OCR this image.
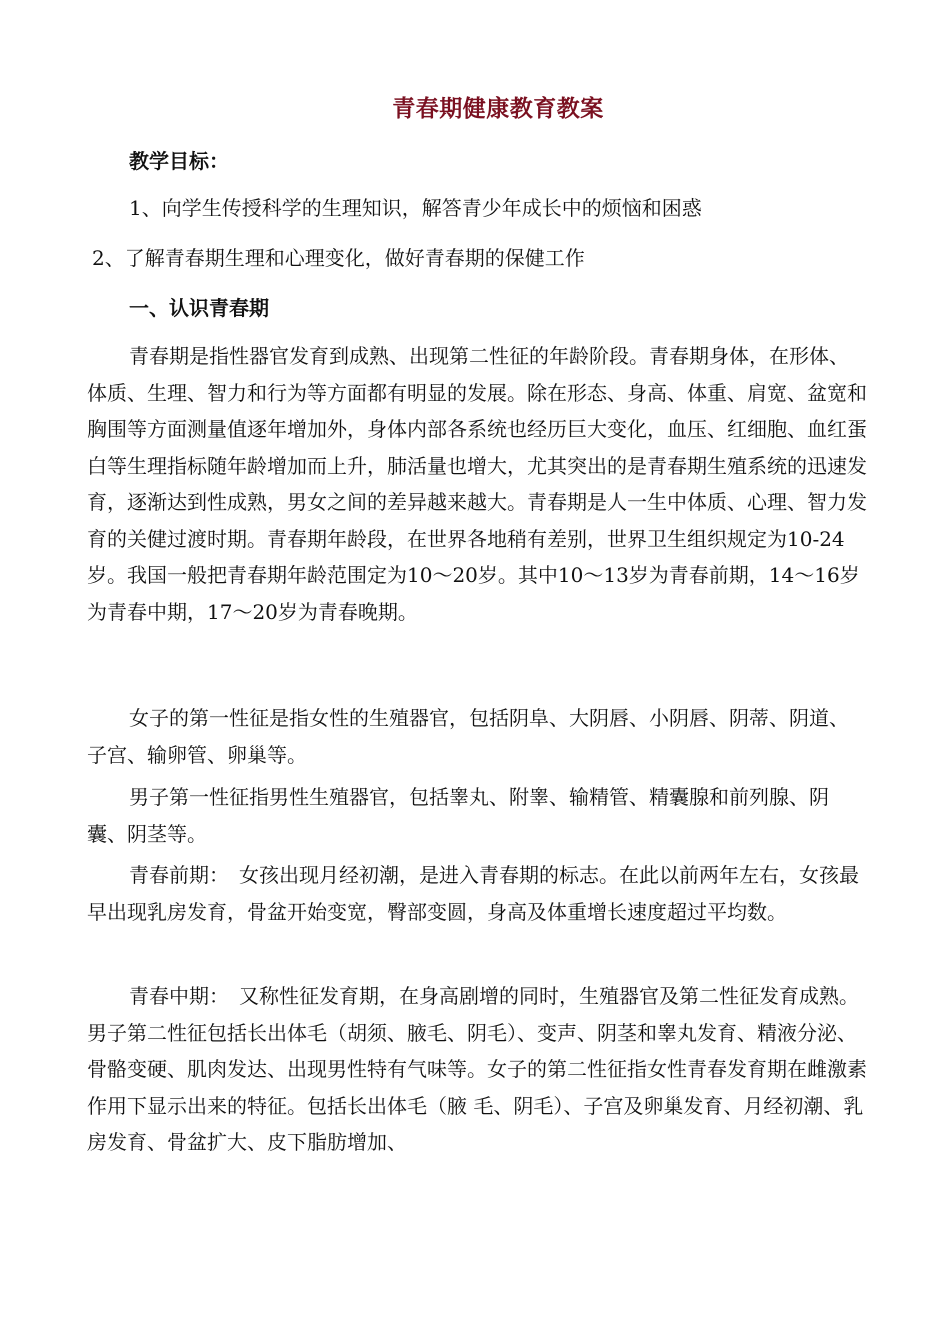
青春期健康教育教案
教学目标：
1、向学生传授科学的生理知识，解答青少年成长中的烦恼和困惑
2、了解青春期生理和心理变化，做好青春期的保健工作
一、认识青春期

青春期是指性器官发育到成熟、出现第二性征的年龄阶段。青春期身体，在形体、体质、生理、智力和行为等方面都有明显的发展。除在形态、身高、体重、肩宽、盆宽和胸围等方面测量值逐年增加外，身体内部各系统也经历巨大变化，血压、红细胞、血红蛋白等生理指标随年龄增加而上升，肺活量也增大，尤其突出的是青春期生殖系统的迅速发育，逐渐达到性成熟，男女之间的差异越来越大。青春期是人一生中体质、心理、智力发育的关健过渡时期。青春期年龄段，在世界各地稍有差别，世界卫生组织规定为10-24岁。我国一般把青春期年龄范围定为10～20岁。其中10～13岁为青春前期，14～16岁为青春中期，17～20岁为青春晚期。

女子的第一性征是指女性的生殖器官，包括阴阜、大阴唇、小阴唇、阴蒂、阴道、子宫、输卵管、卵巢等。

男子第一性征指男性生殖器官，包括睾丸、附睾、输精管、精囊腺和前列腺、阴囊、阴茎等。

青春前期：　女孩出现月经初潮，是进入青春期的标志。在此以前两年左右，女孩最早出现乳房发育，骨盆开始变宽，臀部变圆，身高及体重增长速度超过平均数。

青春中期：　又称性征发育期，在身高剧增的同时，生殖器官及第二性征发育成熟。男子第二性征包括长出体毛（胡须、腋毛、阴毛）、变声、阴茎和睾丸发育、精液分泌、骨骼变硬、肌肉发达、出现男性特有气味等。女子的第二性征指女性青春发育期在雌激素作用下显示出来的特征。包括长出体毛（腋 毛、阴毛）、子宫及卵巢发育、月经初潮、乳房发育、骨盆扩大、皮下脂肪增加、
